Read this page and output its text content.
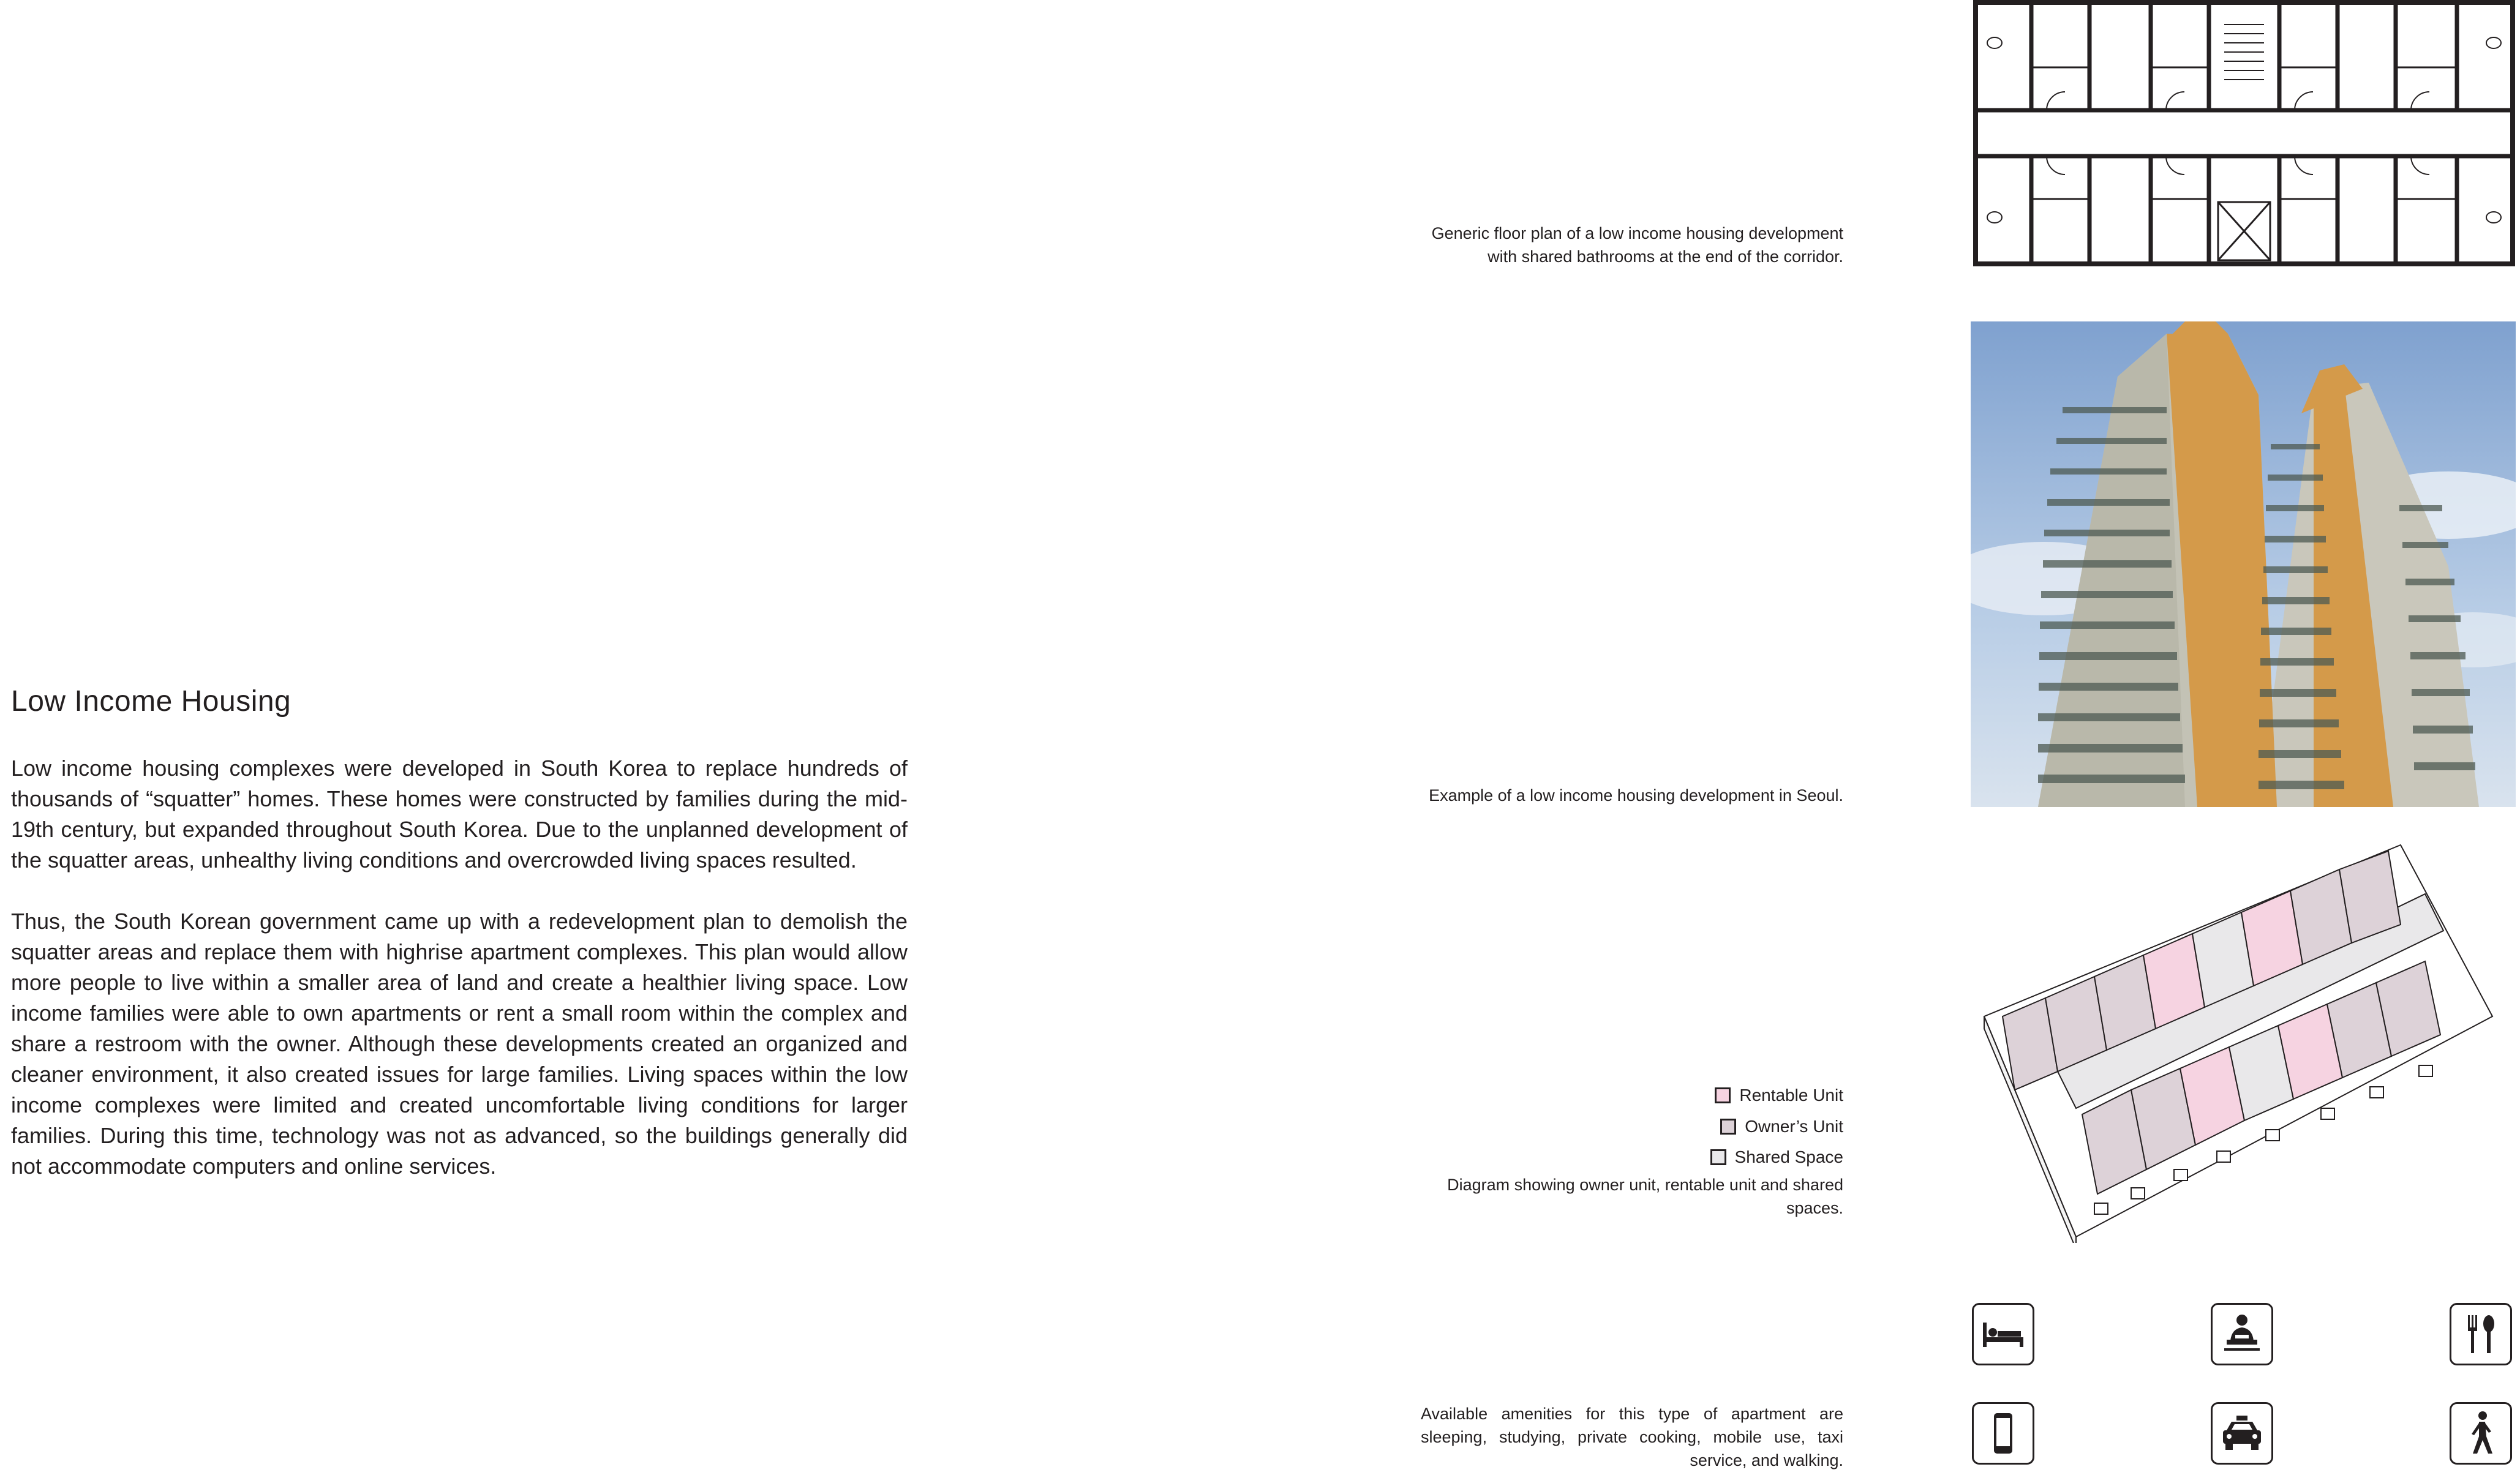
Low Income Housing
Low income housing complexes were developed in South Korea to replace hundreds of thousands of “squatter” homes. These homes were constructed by families during the mid-19th century, but expanded throughout South Korea. Due to the unplanned development of the squatter areas, unhealthy living conditions and overcrowded living spaces resulted.
Thus, the South Korean government came up with a redevelopment plan to demolish the squatter areas and replace them with highrise apartment complexes. This plan would allow more people to live within a smaller area of land and create a healthier living space. Low income families were able to own apartments or rent a small room within the complex and share a restroom with the owner. Although these developments created an organized and cleaner environment, it also created issues for large families. Living spaces within the low income complexes were limited and created uncomfortable living conditions for larger families. During this time, technology was not as advanced, so the buildings generally did not accommodate computers and online services.
Generic floor plan of a low income housing development with shared bathrooms at the end of the corridor.
Example of a low income housing development in Seoul.
Diagram showing owner unit, rentable unit and shared spaces.
Available amenities for this type of apartment are sleeping, studying, private cooking, mobile use, taxi service, and walking.
Rentable Unit
Owner’s Unit
Shared Space
